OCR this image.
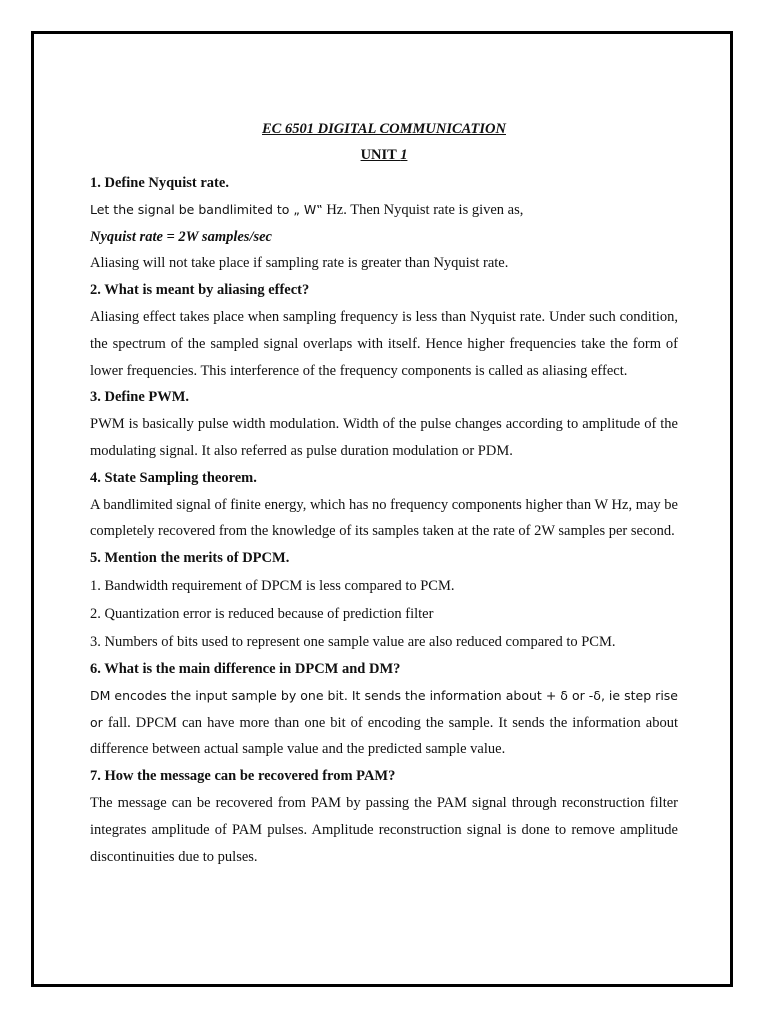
EC 6501 DIGITAL COMMUNICATION

UNIT 1

1. Define Nyquist rate.

Let the signal be bandlimited to „ W‟ Hz. Then Nyquist rate is given as,

Nyquist rate = 2W samples/sec

Aliasing will not take place if sampling rate is greater than Nyquist rate.

2. What is meant by aliasing effect?

Aliasing effect takes place when sampling frequency is less than Nyquist rate. Under such condition, the spectrum of the sampled signal overlaps with itself. Hence higher frequencies take the form of lower frequencies. This interference of the frequency components is called as aliasing effect.

3. Define PWM.

PWM is basically pulse width modulation. Width of the pulse changes according to amplitude of the modulating signal. It also referred as pulse duration modulation or PDM.

4. State Sampling theorem.

A bandlimited signal of finite energy, which has no frequency components higher than W Hz, may be completely recovered from the knowledge of its samples taken at the rate of 2W samples per second.

5. Mention the merits of DPCM.

1. Bandwidth requirement of DPCM is less compared to PCM.

2. Quantization error is reduced because of prediction filter

3. Numbers of bits used to represent one sample value are also reduced compared to PCM.

6. What is the main difference in DPCM and DM?

DM encodes the input sample by one bit. It sends the information about + δ or -δ, ie step rise or fall. DPCM can have more than one bit of encoding the sample. It sends the information about difference between actual sample value and the predicted sample value.

7. How the message can be recovered from PAM?

The message can be recovered from PAM by passing the PAM signal through reconstruction filter integrates amplitude of PAM pulses. Amplitude reconstruction signal is done to remove amplitude discontinuities due to pulses.
